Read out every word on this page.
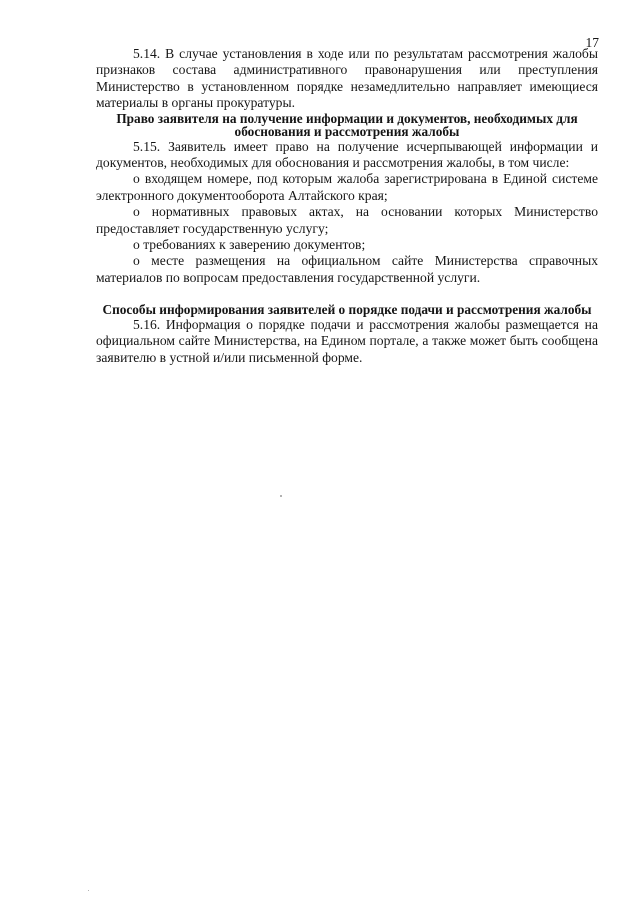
17

5.14. В случае установления в ходе или по результатам рассмотрения жалобы признаков состава административного правонарушения или преступления Министерство в установленном порядке незамедлительно направляет имеющиеся материалы в органы прокуратуры.

Право заявителя на получение информации и документов, необходимых для обоснования и рассмотрения жалобы

5.15. Заявитель имеет право на получение исчерпывающей информации и документов, необходимых для обоснования и рассмотрения жалобы, в том числе:

о входящем номере, под которым жалоба зарегистрирована в Единой системе электронного документооборота Алтайского края;

о нормативных правовых актах, на основании которых Министерство предоставляет государственную услугу;

о требованиях к заверению документов;

о месте размещения на официальном сайте Министерства справочных материалов по вопросам предоставления государственной услуги.

Способы информирования заявителей о порядке подачи и рассмотрения жалобы

5.16. Информация о порядке подачи и рассмотрения жалобы размещается на официальном сайте Министерства, на Едином портале, а также может быть сообщена заявителю в устной и/или письменной форме.
